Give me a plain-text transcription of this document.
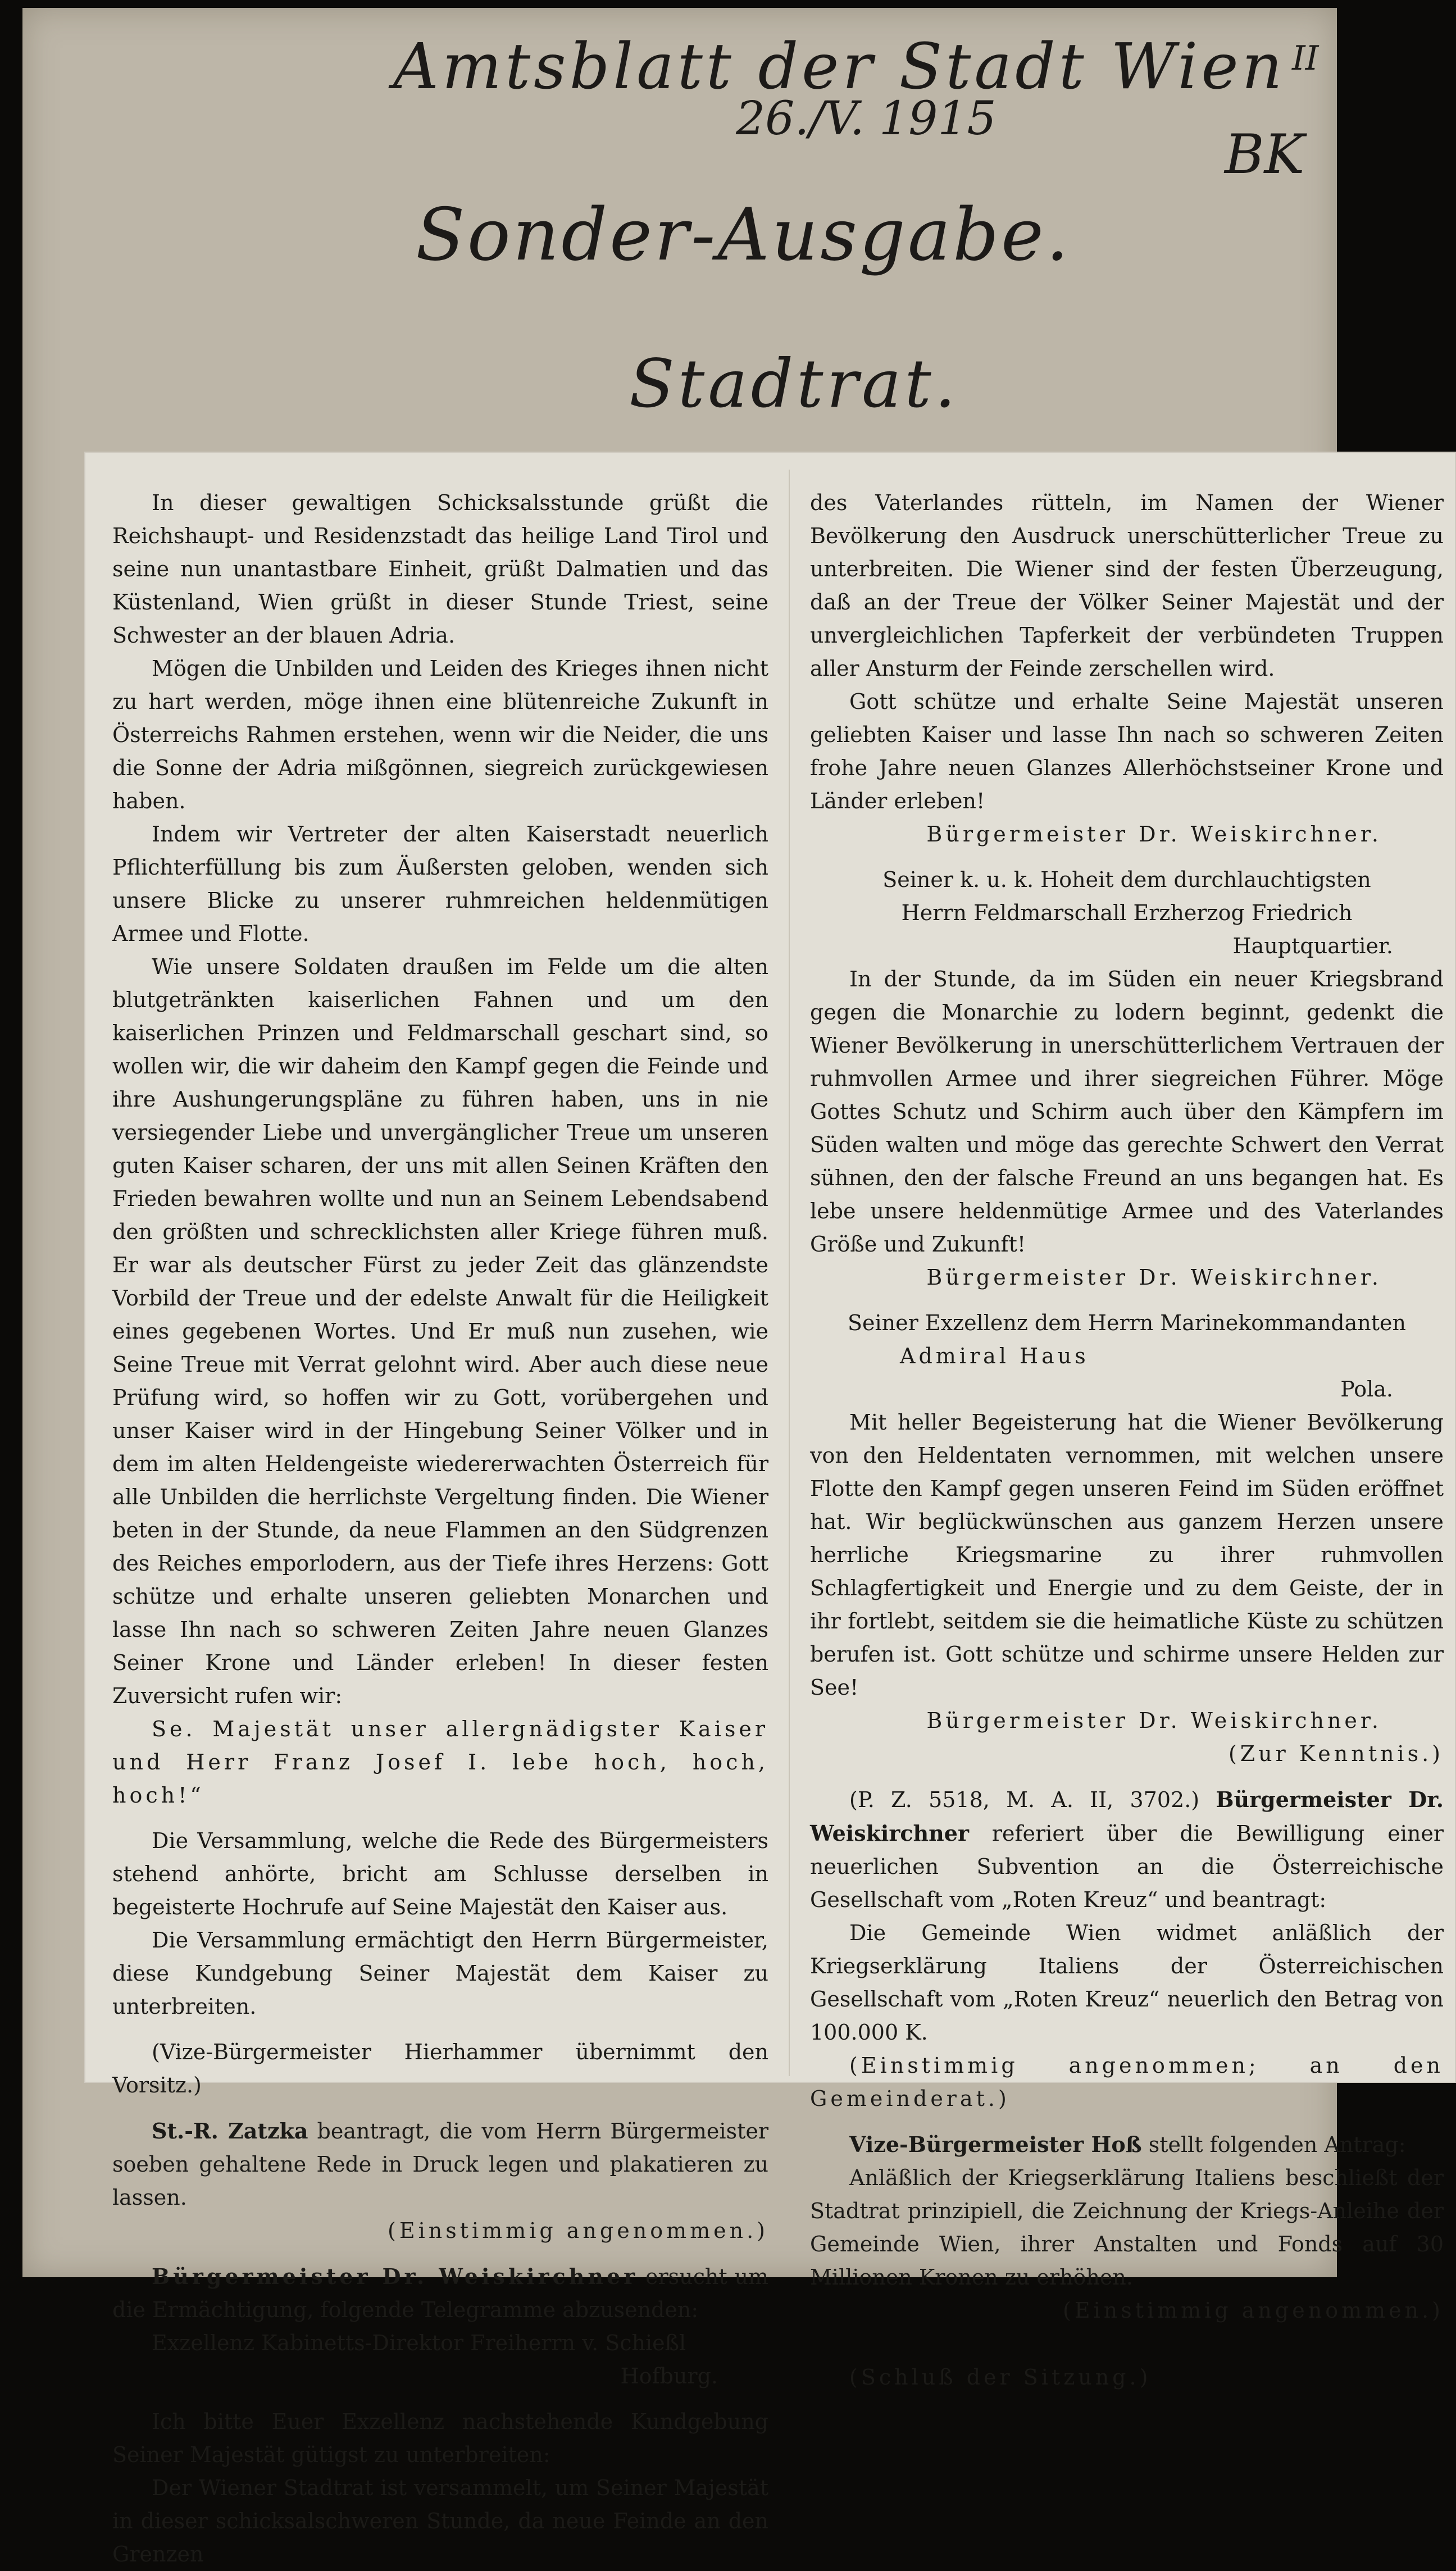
Amtsblatt der Stadt Wien
26./V. 1915
BK
II
Sonder-Ausgabe.
Stadtrat.

In dieser gewaltigen Schicksalsstunde grüßt die Reichshaupt- und Residenzstadt das heilige Land Tirol und seine nun unantastbare Einheit, grüßt Dalmatien und das Küstenland, Wien grüßt in dieser Stunde Triest, seine Schwester an der blauen Adria.

Mögen die Unbilden und Leiden des Krieges ihnen nicht zu hart werden, möge ihnen eine blütenreiche Zukunft in Österreichs Rahmen erstehen, wenn wir die Neider, die uns die Sonne der Adria mißgönnen, siegreich zurückgewiesen haben.

Indem wir Vertreter der alten Kaiserstadt neuerlich Pflichterfüllung bis zum Äußersten geloben, wenden sich unsere Blicke zu unserer ruhmreichen heldenmütigen Armee und Flotte.

Wie unsere Soldaten draußen im Felde um die alten blutgetränkten kaiserlichen Fahnen und um den kaiserlichen Prinzen und Feldmarschall geschart sind, so wollen wir, die wir daheim den Kampf gegen die Feinde und ihre Aushungerungspläne zu führen haben, uns in nie versiegender Liebe und unvergänglicher Treue um unseren guten Kaiser scharen, der uns mit allen Seinen Kräften den Frieden bewahren wollte und nun an Seinem Lebendsabend den größten und schrecklichsten aller Kriege führen muß. Er war als deutscher Fürst zu jeder Zeit das glänzendste Vorbild der Treue und der edelste Anwalt für die Heiligkeit eines gegebenen Wortes. Und Er muß nun zusehen, wie Seine Treue mit Verrat gelohnt wird. Aber auch diese neue Prüfung wird, so hoffen wir zu Gott, vorübergehen und unser Kaiser wird in der Hingebung Seiner Völker und in dem im alten Heldengeiste wiedererwachten Österreich für alle Unbilden die herrlichste Vergeltung finden. Die Wiener beten in der Stunde, da neue Flammen an den Südgrenzen des Reiches emporlodern, aus der Tiefe ihres Herzens: Gott schütze und erhalte unseren geliebten Monarchen und lasse Ihn nach so schweren Zeiten Jahre neuen Glanzes Seiner Krone und Länder erleben! In dieser festen Zuversicht rufen wir:

Se. Majestät unser allergnädigster Kaiser und Herr Franz Josef I. lebe hoch, hoch, hoch!“

Die Versammlung, welche die Rede des Bürgermeisters stehend anhörte, bricht am Schlusse derselben in begeisterte Hochrufe auf Seine Majestät den Kaiser aus.

Die Versammlung ermächtigt den Herrn Bürgermeister, diese Kundgebung Seiner Majestät dem Kaiser zu unterbreiten.

(Vize-Bürgermeister Hierhammer übernimmt den Vorsitz.)

St.-R. Zatzka beantragt, die vom Herrn Bürgermeister soeben gehaltene Rede in Druck legen und plakatieren zu lassen.

(Einstimmig angenommen.)

Bürgermeister Dr. Weiskirchner ersucht um die Ermächtigung, folgende Telegramme abzusenden:

Exzellenz Kabinetts-Direktor Freiherrn v. Schießl

Hofburg.

Ich bitte Euer Exzellenz nachstehende Kundgebung Seiner Majestät gütigst zu unterbreiten:

Der Wiener Stadtrat ist versammelt, um Seiner Majestät in dieser schicksalschweren Stunde, da neue Feinde an den Grenzen

des Vaterlandes rütteln, im Namen der Wiener Bevölkerung den Ausdruck unerschütterlicher Treue zu unterbreiten. Die Wiener sind der festen Überzeugung, daß an der Treue der Völker Seiner Majestät und der unvergleichlichen Tapferkeit der verbündeten Truppen aller Ansturm der Feinde zerschellen wird.

Gott schütze und erhalte Seine Majestät unseren geliebten Kaiser und lasse Ihn nach so schweren Zeiten frohe Jahre neuen Glanzes Allerhöchstseiner Krone und Länder erleben!

Bürgermeister Dr. Weiskirchner.

Seiner k. u. k. Hoheit dem durchlauchtigsten

Herrn Feldmarschall Erzherzog Friedrich

Hauptquartier.

In der Stunde, da im Süden ein neuer Kriegsbrand gegen die Monarchie zu lodern beginnt, gedenkt die Wiener Bevölkerung in unerschütterlichem Vertrauen der ruhmvollen Armee und ihrer siegreichen Führer. Möge Gottes Schutz und Schirm auch über den Kämpfern im Süden walten und möge das gerechte Schwert den Verrat sühnen, den der falsche Freund an uns begangen hat. Es lebe unsere heldenmütige Armee und des Vaterlandes Größe und Zukunft!

Bürgermeister Dr. Weiskirchner.

Seiner Exzellenz dem Herrn Marinekommandanten

Admiral Haus

Pola.

Mit heller Begeisterung hat die Wiener Bevölkerung von den Heldentaten vernommen, mit welchen unsere Flotte den Kampf gegen unseren Feind im Süden eröffnet hat. Wir beglückwünschen aus ganzem Herzen unsere herrliche Kriegsmarine zu ihrer ruhmvollen Schlagfertigkeit und Energie und zu dem Geiste, der in ihr fortlebt, seitdem sie die heimatliche Küste zu schützen berufen ist. Gott schütze und schirme unsere Helden zur See!

Bürgermeister Dr. Weiskirchner.

(Zur Kenntnis.)

(P. Z. 5518, M. A. II, 3702.) Bürgermeister Dr. Weiskirchner referiert über die Bewilligung einer neuerlichen Subvention an die Österreichische Gesellschaft vom „Roten Kreuz“ und beantragt:

Die Gemeinde Wien widmet anläßlich der Kriegserklärung Italiens der Österreichischen Gesellschaft vom „Roten Kreuz“ neuerlich den Betrag von 100.000 K.

(Einstimmig angenommen; an den Gemeinderat.)

Vize-Bürgermeister Hoß stellt folgenden Antrag:

Anläßlich der Kriegserklärung Italiens beschließt der Stadtrat prinzipiell, die Zeichnung der Kriegs-Anleihe der Gemeinde Wien, ihrer Anstalten und Fonds auf 30 Millionen Kronen zu erhöhen.

(Einstimmig angenommen.)

(Schluß der Sitzung.)
